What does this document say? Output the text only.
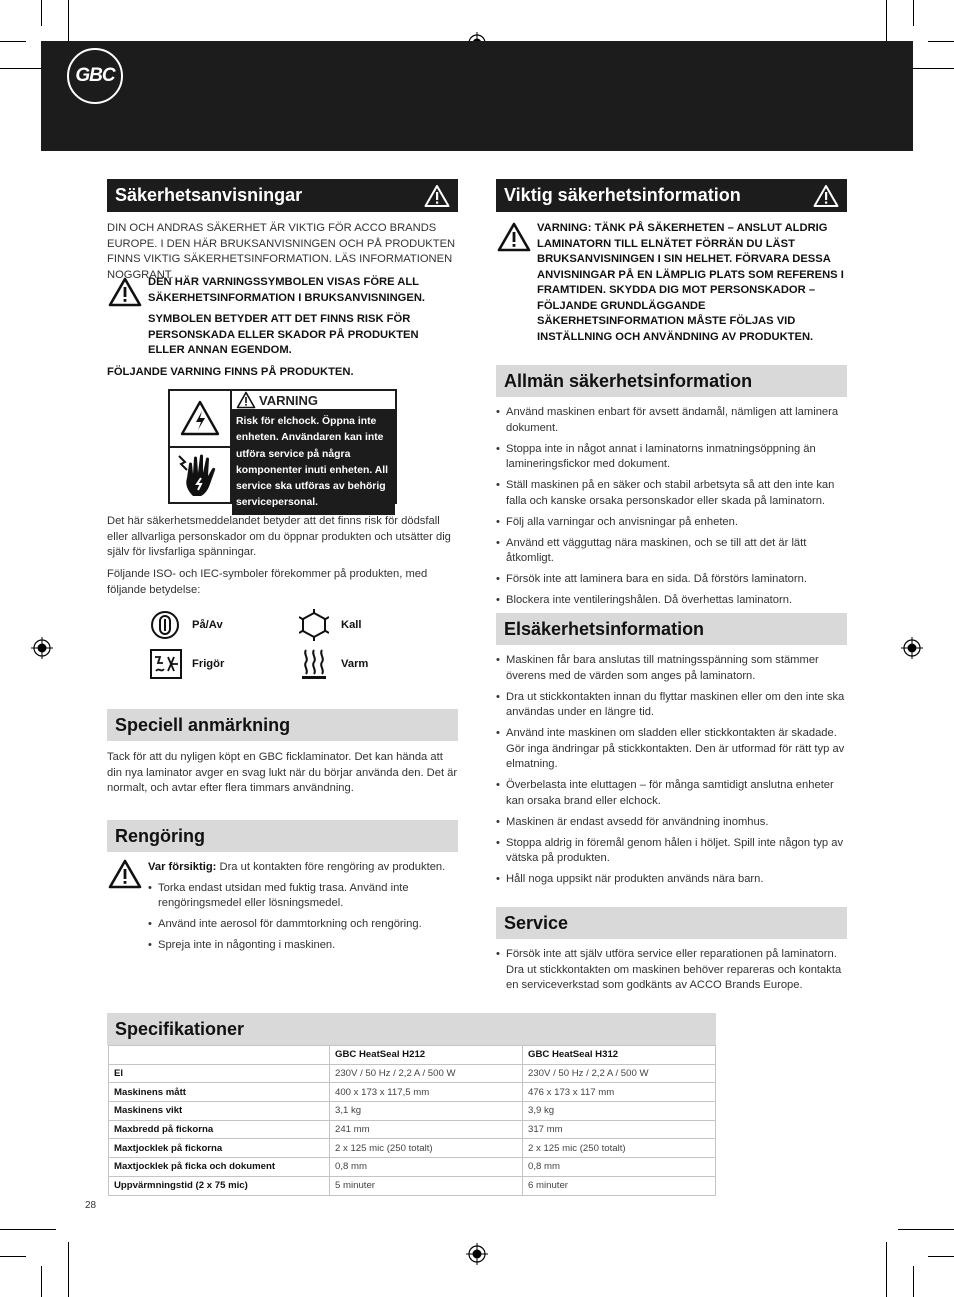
GBC
Säkerhetsanvisningar

DIN OCH ANDRAS SÄKERHET ÄR VIKTIG FÖR ACCO BRANDS EUROPE. I DEN HÄR BRUKSANVISNINGEN OCH PÅ PRODUKTEN FINNS VIKTIG SÄKERHETSINFORMATION. LÄS INFORMATIONEN NOGGRANT.

DEN HÄR VARNINGSSYMBOLEN VISAS FÖRE ALL SÄKERHETSINFORMATION I BRUKSANVISNINGEN.

SYMBOLEN BETYDER ATT DET FINNS RISK FÖR PERSONSKADA ELLER SKADOR PÅ PRODUKTEN ELLER ANNAN EGENDOM.

FÖLJANDE VARNING FINNS PÅ PRODUKTEN.

VARNING
Risk för elchock. Öppna inte enheten. Användaren kan inte utföra service på några komponenter inuti enheten. All service ska utföras av behörig servicepersonal.

Det här säkerhetsmeddelandet betyder att det finns risk för dödsfall eller allvarliga personskador om du öppnar produkten och utsätter dig själv för livsfarliga spänningar.

Följande ISO- och IEC-symboler förekommer på produkten, med följande betydelse:

På/Av	Kall
Frigör	Varm
Speciell anmärkning

Tack för att du nyligen köpt en GBC ficklaminator. Det kan hända att din nya laminator avger en svag lukt när du börjar använda den. Det är normalt, och avtar efter flera timmars användning.

Rengöring

Var försiktig: Dra ut kontakten före rengöring av produkten.

• Torka endast utsidan med fuktig trasa. Använd inte rengöringsmedel eller lösningsmedel.
• Använd inte aerosol för dammtorkning och rengöring.
• Spreja inte in någonting i maskinen.
Viktig säkerhetsinformation

VARNING: TÄNK PÅ SÄKERHETEN – ANSLUT ALDRIG LAMINATORN TILL ELNÄTET FÖRRÄN DU LÄST BRUKSANVISNINGEN I SIN HELHET. FÖRVARA DESSA ANVISNINGAR PÅ EN LÄMPLIG PLATS SOM REFERENS I FRAMTIDEN. SKYDDA DIG MOT PERSONSKADOR – FÖLJANDE GRUNDLÄGGANDE SÄKERHETSINFORMATION MÅSTE FÖLJAS VID INSTÄLLNING OCH ANVÄNDNING AV PRODUKTEN.

Allmän säkerhetsinformation
• Använd maskinen enbart för avsett ändamål, nämligen att laminera dokument.
• Stoppa inte in något annat i laminatorns inmatningsöppning än lamineringsfickor med dokument.
• Ställ maskinen på en säker och stabil arbetsyta så att den inte kan falla och kanske orsaka personskador eller skada på laminatorn.
• Följ alla varningar och anvisningar på enheten.
• Använd ett vägguttag nära maskinen, och se till att det är lätt åtkomligt.
• Försök inte att laminera bara en sida. Då förstörs laminatorn.
• Blockera inte ventileringshålen. Då överhettas laminatorn.
Elsäkerhetsinformation
• Maskinen får bara anslutas till matningsspänning som stämmer överens med de värden som anges på laminatorn.
• Dra ut stickkontakten innan du flyttar maskinen eller om den inte ska användas under en längre tid.
• Använd inte maskinen om sladden eller stickkontakten är skadade. Gör inga ändringar på stickkontakten. Den är utformad för rätt typ av elmatning.
• Överbelasta inte eluttagen – för många samtidigt anslutna enheter kan orsaka brand eller elchock.
• Maskinen är endast avsedd för användning inomhus.
• Stoppa aldrig in föremål genom hålen i höljet. Spill inte någon typ av vätska på produkten.
• Håll noga uppsikt när produkten används nära barn.
Service
• Försök inte att själv utföra service eller reparationen på laminatorn. Dra ut stickkontakten om maskinen behöver repareras och kontakta en serviceverkstad som godkänts av ACCO Brands Europe.
Specifikationer
	GBC HeatSeal H212	GBC HeatSeal H312
El	230V / 50 Hz / 2,2 A / 500 W	230V / 50 Hz / 2,2 A / 500 W
Maskinens mått	400 x 173 x 117,5 mm	476 x 173 x 117 mm
Maskinens vikt	3,1 kg	3,9 kg
Maxbredd på fickorna	241 mm	317 mm
Maxtjocklek på fickorna	2 x 125 mic (250 totalt)	2 x 125 mic (250 totalt)
Maxtjocklek på ficka och dokument	0,8 mm	0,8 mm
Uppvärmningstid (2 x 75 mic)	5 minuter	6 minuter
28
